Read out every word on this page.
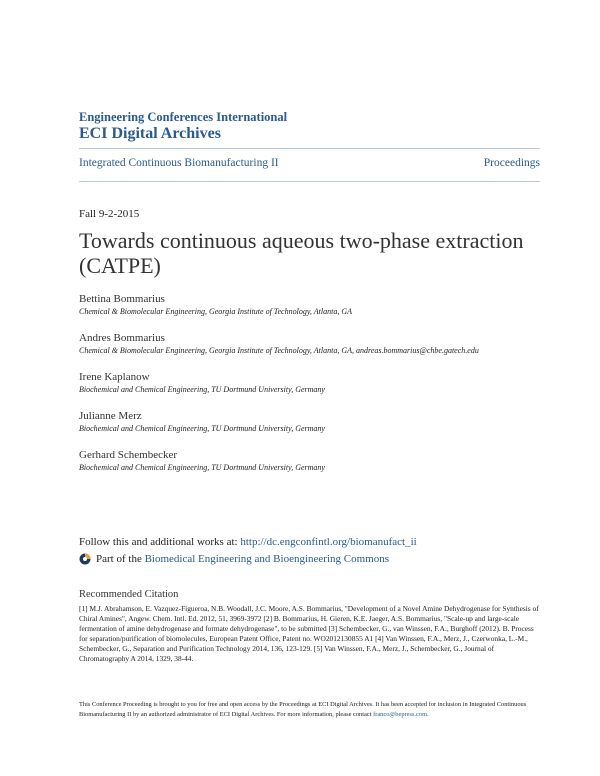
Engineering Conferences International
ECI Digital Archives
Integrated Continuous Biomanufacturing II	Proceedings
Fall 9-2-2015
Towards continuous aqueous two-phase extraction (CATPE)
Bettina Bommarius
Chemical & Biomolecular Engineering, Georgia Institute of Technology, Atlanta, GA
Andres Bommarius
Chemical & Biomolecular Engineering, Georgia Institute of Technology, Atlanta, GA, andreas.bommarius@chbe.gatech.edu
Irene Kaplanow
Biochemical and Chemical Engineering, TU Dortmund University, Germany
Julianne Merz
Biochemical and Chemical Engineering, TU Dortmund University, Germany
Gerhard Schembecker
Biochemical and Chemical Engineering, TU Dortmund University, Germany
Follow this and additional works at: http://dc.engconfintl.org/biomanufact_ii
Part of the
Biomedical Engineering and Bioengineering Commons
Recommended Citation
[1] M.J. Abrahamson, E. Vazquez-Figueroa, N.B. Woodall, J.C. Moore, A.S. Bommarius, "Development of a Novel Amine Dehydrogenase for Synthesis of Chiral Amines", Angew. Chem. Intl. Ed. 2012, 51, 3969-3972 [2] B. Bommarius, H. Gieren, K.E. Jaeger, A.S. Bommarius, "Scale-up and large-scale fermentation of amine dehydrogenase and formate dehydrogenase", to be submitted [3] Schembecker, G., van Winssen, F.A., Burghoff (2012). B. Process for separation/purification of biomolecules, European Patent Office, Patent no. WO2012130855 A1 [4] Van Winssen, F.A., Merz, J., Czerwonka, L.-M., Schembecker, G., Separation and Purification Technology 2014, 136, 123-129. [5] Van Winssen, F.A., Merz, J., Schembecker, G., Journal of Chromatography A 2014, 1329, 38-44.
This Conference Proceeding is brought to you for free and open access by the Proceedings at ECI Digital Archives. It has been accepted for inclusion in Integrated Continuous Biomanufacturing II by an authorized administrator of ECI Digital Archives. For more information, please contact franco@bepress.com.
